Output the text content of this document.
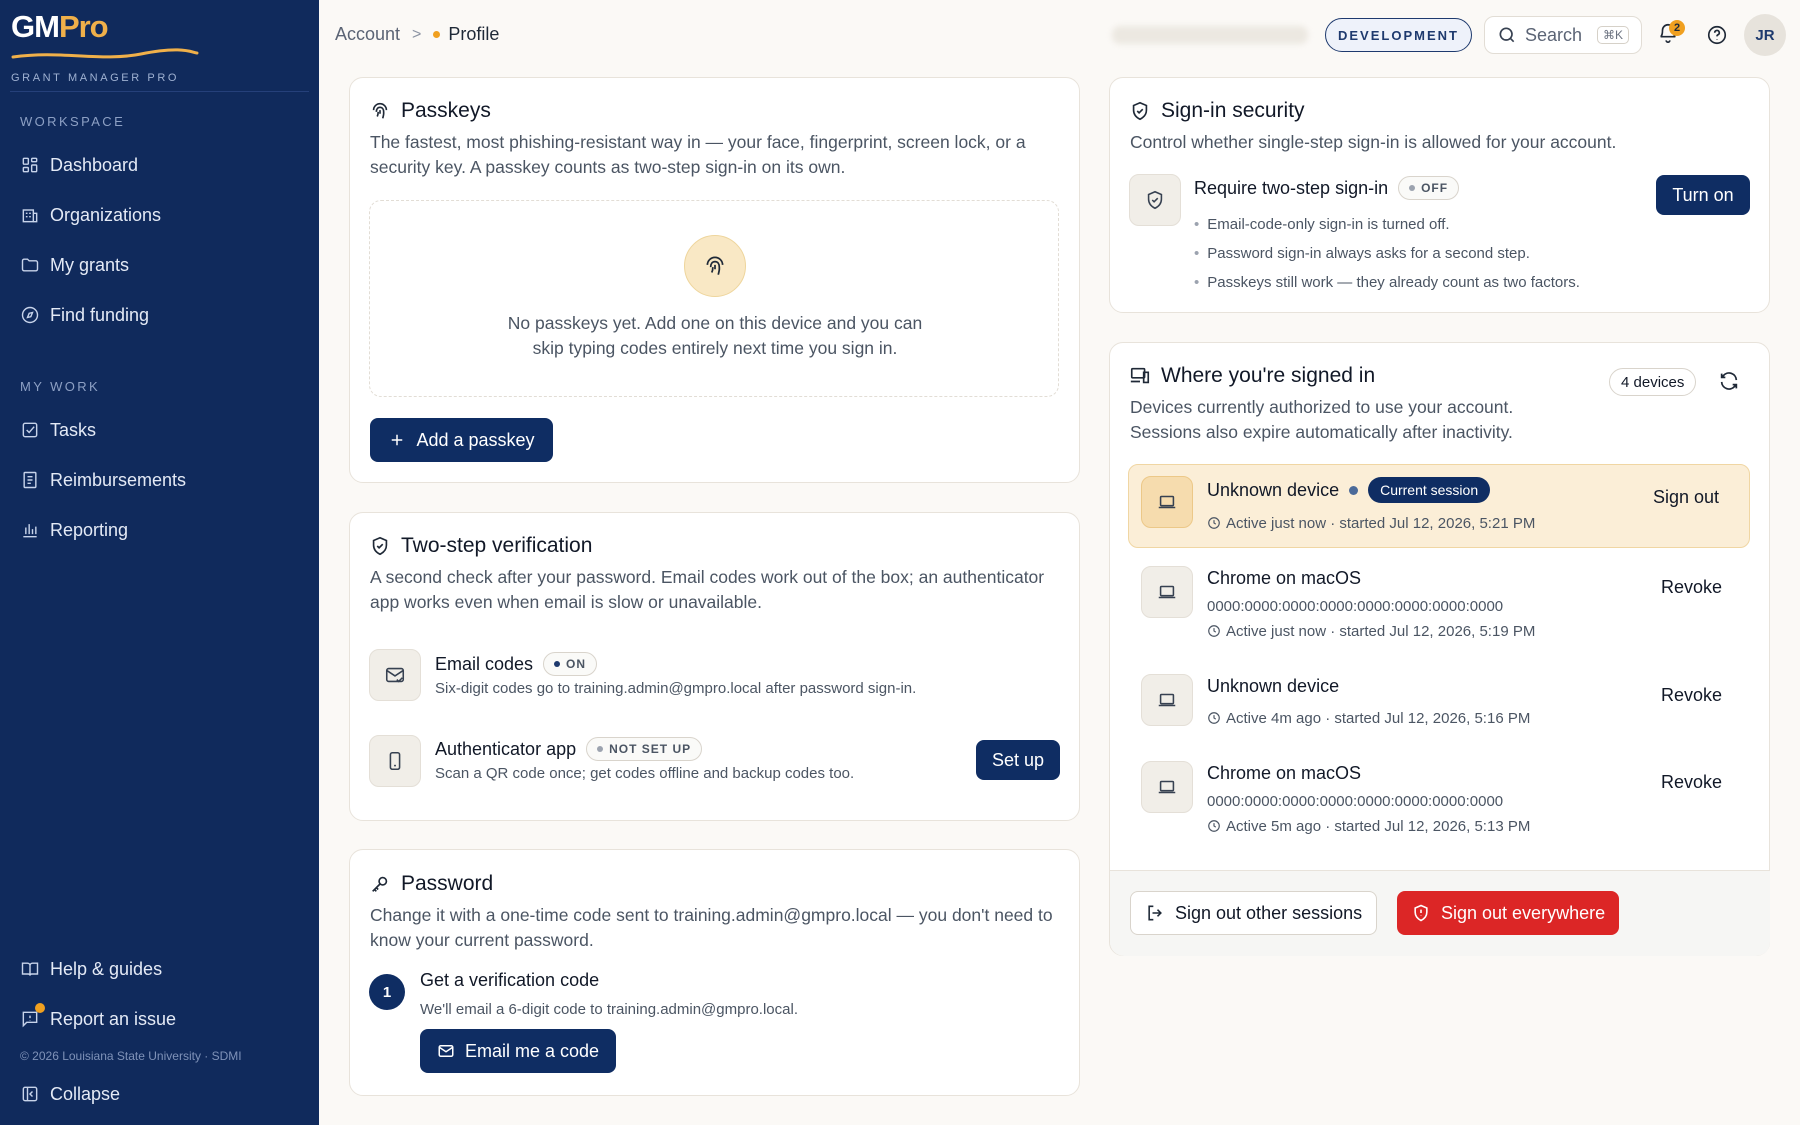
GMPro
GRANT MANAGER PRO
WORKSPACE
Dashboard
Organizations
My grants
Find funding
MY WORK
Tasks
Reimbursements
Reporting
Help & guides
Report an issue
© 2026 Louisiana State University · SDMI
Collapse
Account > Profile	DEVELOPMENT	Search	⌘K	2	JR
Passkeys

The fastest, most phishing-resistant way in — your face, fingerprint, screen lock, or a security key. A passkey counts as two-step sign-in on its own.

No passkeys yet. Add one on this device and you can skip typing codes entirely next time you sign in.

Add a passkey
Two-step verification

A second check after your password. Email codes work out of the box; an authenticator app works even when email is slow or unavailable.

Email codes	ON
Six-digit codes go to training.admin@gmpro.local after password sign-in.
Authenticator app	NOT SET UP
Scan a QR code once; get codes offline and backup codes too.
Set up
Password

Change it with a one-time code sent to training.admin@gmpro.local — you don't need to know your current password.

1
Get a verification code
We'll email a 6-digit code to training.admin@gmpro.local.
Email me a code
Sign-in security

Control whether single-step sign-in is allowed for your account.

Require two-step sign-in	OFF	Turn on
• Email-code-only sign-in is turned off.
• Password sign-in always asks for a second step.
• Passkeys still work — they already count as two factors.
Where you're signed in

Devices currently authorized to use your account.

Sessions also expire automatically after inactivity.

4 devices
Unknown device	Current session
Active just now · started Jul 12, 2026, 5:21 PM
Sign out
Chrome on macOS
0000:0000:0000:0000:0000:0000:0000:0000
Active just now · started Jul 12, 2026, 5:19 PM
Revoke
Unknown device
Active 4m ago · started Jul 12, 2026, 5:16 PM
Revoke
Chrome on macOS
0000:0000:0000:0000:0000:0000:0000:0000
Active 5m ago · started Jul 12, 2026, 5:13 PM
Revoke
Sign out other sessions	Sign out everywhere
